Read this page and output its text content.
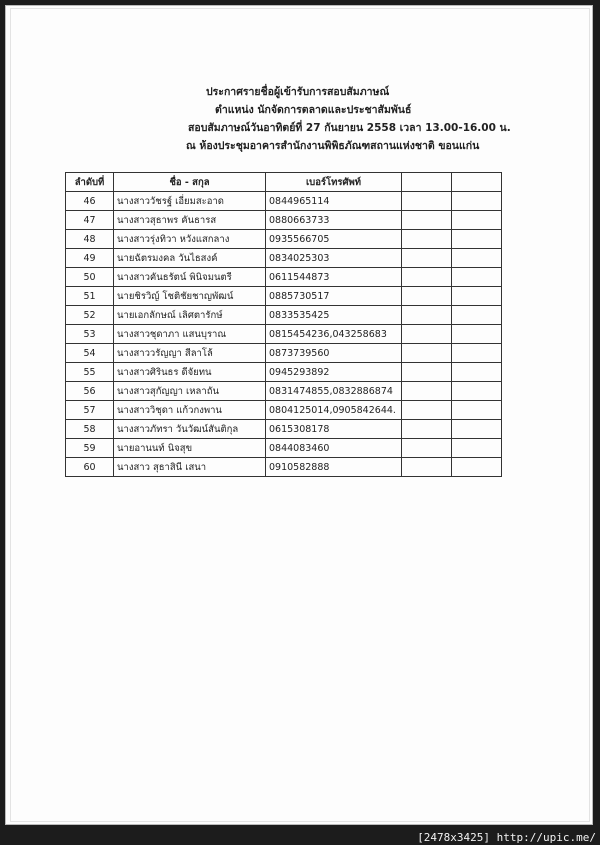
ประกาศรายชื่อผู้เข้ารับการสอบสัมภาษณ์
ตำแหน่ง นักจัดการตลาดและประชาสัมพันธ์
สอบสัมภาษณ์วันอาทิตย์ที่ 27 กันยายน 2558 เวลา 13.00-16.00 น.
ณ ห้องประชุมอาคารสำนักงานพิพิธภัณฑสถานแห่งชาติ ขอนแก่น
ลำดับที่	ชื่อ - สกุล	เบอร์โทรศัพท์		
46	นางสาววัชรฐ์ เอี่ยมสะอาด	0844965114		
47	นางสาวสุธาพร คันธารส	0880663733		
48	นางสาวรุ่งทิวา หวังแสกลาง	0935566705		
49	นายฉัตรมงคล วันไธสงค์	0834025303		
50	นางสาวคันธรัตน์ พินิจมนตรี	0611544873		
51	นายชิรวิญ์ โชติชัยชาญพัฒน์	0885730517		
52	นายเอกลักษณ์ เลิศตารักษ์	0833535425		
53	นางสาวชุดาภา แสนบุราณ	0815454236,043258683		
54	นางสาววรัญญา สีลาโล้	0873739560		
55	นางสาวศิรินธร ดีจัยทน	0945293892		
56	นางสาวสุกัญญา เหลาถัน	0831474855,0832886874		
57	นางสาววิชุดา แก้วกงพาน	0804125014,0905842644.		
58	นางสาวภัทรา วันวัฒน์สันติกุล	0615308178		
59	นายอานนท์ นิจสุข	0844083460		
60	นางสาว สุธาสินี เสนา	0910582888		
[2478x3425] http://upic.me/
